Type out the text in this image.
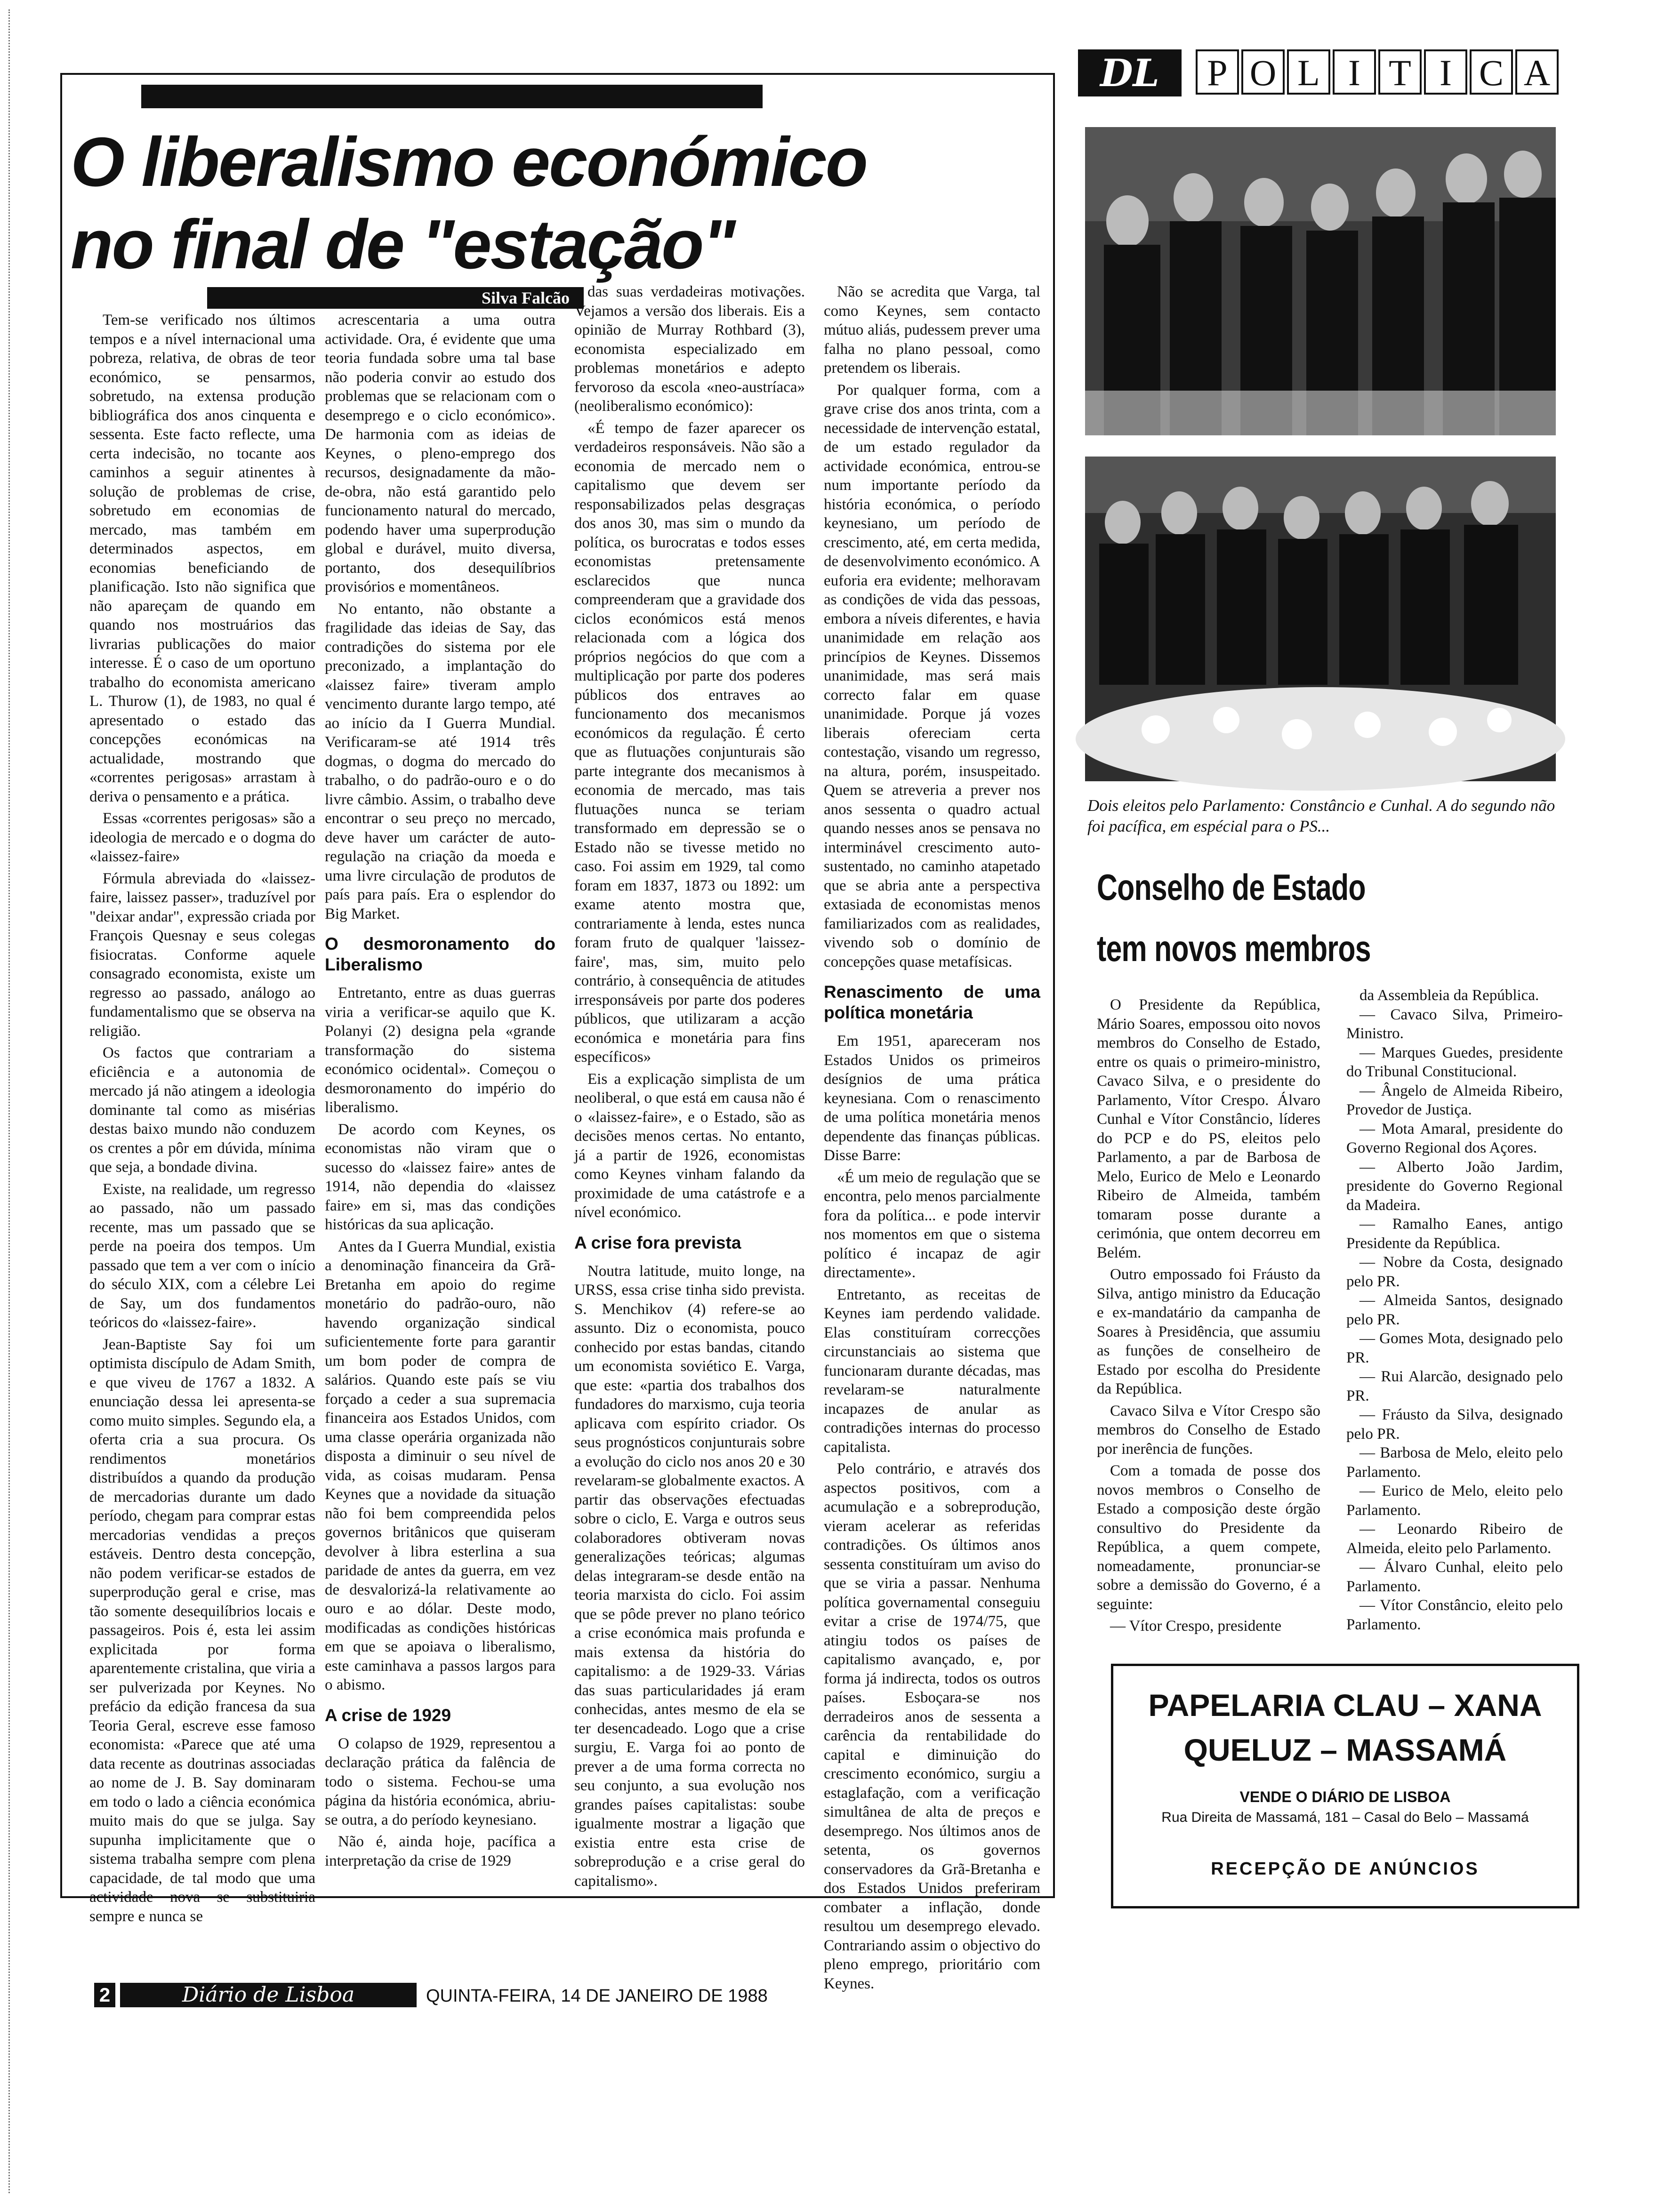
DL	P O L I T I C A
O liberalismo económico
no final de "estação"
Silva Falcão

Tem-se verificado nos últimos tempos e a nível internacional uma pobreza, relativa, de obras de teor económico, se pensarmos, sobretudo, na extensa produção bibliográfica dos anos cinquenta e sessenta. Este facto reflecte, uma certa indecisão, no tocante aos caminhos a seguir atinentes à solução de problemas de crise, sobretudo em economias de mercado, mas também em determinados aspectos, em economias beneficiando de planificação. Isto não significa que não apareçam de quando em quando nos mostruários das livrarias publicações do maior interesse. É o caso de um oportuno trabalho do economista americano L. Thurow (1), de 1983, no qual é apresentado o estado das concepções económicas na actualidade, mostrando que «correntes perigosas» arrastam à deriva o pensamento e a prática.

Essas «correntes perigosas» são a ideologia de mercado e o dogma do «laissez-faire»

Fórmula abreviada do «laissez-faire, laissez passer», traduzível por "deixar andar", expressão criada por François Quesnay e seus colegas fisiocratas. Conforme aquele consagrado economista, existe um regresso ao passado, análogo ao fundamentalismo que se observa na religião.

Os factos que contrariam a eficiência e a autonomia de mercado já não atingem a ideologia dominante tal como as misérias destas baixo mundo não conduzem os crentes a pôr em dúvida, mínima que seja, a bondade divina.

Existe, na realidade, um regresso ao passado, não um passado recente, mas um passado que se perde na poeira dos tempos. Um passado que tem a ver com o início do século XIX, com a célebre Lei de Say, um dos fundamentos teóricos do «laissez-faire».

Jean-Baptiste Say foi um optimista discípulo de Adam Smith, e que viveu de 1767 a 1832. A enunciação dessa lei apresenta-se como muito simples. Segundo ela, a oferta cria a sua procura. Os rendimentos monetários distribuídos a quando da produção de mercadorias durante um dado período, chegam para comprar estas mercadorias vendidas a preços estáveis. Dentro desta concepção, não podem verificar-se estados de superprodução geral e crise, mas tão somente desequilíbrios locais e passageiros. Pois é, esta lei assim explicitada por forma aparentemente cristalina, que viria a ser pulverizada por Keynes. No prefácio da edição francesa da sua Teoria Geral, escreve esse famoso economista: «Parece que até uma data recente as doutrinas associadas ao nome de J. B. Say dominaram em todo o lado a ciência económica muito mais do que se julga. Say supunha implicitamente que o sistema trabalha sempre com plena capacidade, de tal modo que uma actividade nova se substituiria sempre e nunca se

acrescentaria a uma outra actividade. Ora, é evidente que uma teoria fundada sobre uma tal base não poderia convir ao estudo dos problemas que se relacionam com o desemprego e o ciclo económico». De harmonia com as ideias de Keynes, o pleno-emprego dos recursos, designadamente da mão-de-obra, não está garantido pelo funcionamento natural do mercado, podendo haver uma superprodução global e durável, muito diversa, portanto, dos desequilíbrios provisórios e momentâneos.

No entanto, não obstante a fragilidade das ideias de Say, das contradições do sistema por ele preconizado, a implantação do «laissez faire» tiveram amplo vencimento durante largo tempo, até ao início da I Guerra Mundial. Verificaram-se até 1914 três dogmas, o dogma do mercado do trabalho, o do padrão-ouro e o do livre câmbio. Assim, o trabalho deve encontrar o seu preço no mercado, deve haver um carácter de auto-regulação na criação da moeda e uma livre circulação de produtos de país para país. Era o esplendor do Big Market.

O desmoronamento do Liberalismo

Entretanto, entre as duas guerras viria a verificar-se aquilo que K. Polanyi (2) designa pela «grande transformação do sistema económico ocidental». Começou o desmoronamento do império do liberalismo.

De acordo com Keynes, os economistas não viram que o sucesso do «laissez faire» antes de 1914, não dependia do «laissez faire» em si, mas das condições históricas da sua aplicação.

Antes da I Guerra Mundial, existia a denominação financeira da Grã-Bretanha em apoio do regime monetário do padrão-ouro, não havendo organização sindical suficientemente forte para garantir um bom poder de compra de salários. Quando este país se viu forçado a ceder a sua supremacia financeira aos Estados Unidos, com uma classe operária organizada não disposta a diminuir o seu nível de vida, as coisas mudaram. Pensa Keynes que a novidade da situação não foi bem compreendida pelos governos britânicos que quiseram devolver à libra esterlina a sua paridade de antes da guerra, em vez de desvalorizá-la relativamente ao ouro e ao dólar. Deste modo, modificadas as condições históricas em que se apoiava o liberalismo, este caminhava a passos largos para o abismo.

A crise de 1929

O colapso de 1929, representou a declaração prática da falência de todo o sistema. Fechou-se uma página da história económica, abriu-se outra, a do período keynesiano.

Não é, ainda hoje, pacífica a interpretação da crise de 1929

das suas verdadeiras motivações. Vejamos a versão dos liberais. Eis a opinião de Murray Rothbard (3), economista especializado em problemas monetários e adepto fervoroso da escola «neo-austríaca» (neoliberalismo económico):

«É tempo de fazer aparecer os verdadeiros responsáveis. Não são a economia de mercado nem o capitalismo que devem ser responsabilizados pelas desgraças dos anos 30, mas sim o mundo da política, os burocratas e todos esses economistas pretensamente esclarecidos que nunca compreenderam que a gravidade dos ciclos económicos está menos relacionada com a lógica dos próprios negócios do que com a multiplicação por parte dos poderes públicos dos entraves ao funcionamento dos mecanismos económicos da regulação. É certo que as flutuações conjunturais são parte integrante dos mecanismos à economia de mercado, mas tais flutuações nunca se teriam transformado em depressão se o Estado não se tivesse metido no caso. Foi assim em 1929, tal como foram em 1837, 1873 ou 1892: um exame atento mostra que, contrariamente à lenda, estes nunca foram fruto de qualquer 'laissez-faire', mas, sim, muito pelo contrário, à consequência de atitudes irresponsáveis por parte dos poderes públicos, que utilizaram a acção económica e monetária para fins específicos»

Eis a explicação simplista de um neoliberal, o que está em causa não é o «laissez-faire», e o Estado, são as decisões menos certas. No entanto, já a partir de 1926, economistas como Keynes vinham falando da proximidade de uma catástrofe e a nível económico.

A crise fora prevista

Noutra latitude, muito longe, na URSS, essa crise tinha sido prevista. S. Menchikov (4) refere-se ao assunto. Diz o economista, pouco conhecido por estas bandas, citando um economista soviético E. Varga, que este: «partia dos trabalhos dos fundadores do marxismo, cuja teoria aplicava com espírito criador. Os seus prognósticos conjunturais sobre a evolução do ciclo nos anos 20 e 30 revelaram-se globalmente exactos. A partir das observações efectuadas sobre o ciclo, E. Varga e outros seus colaboradores obtiveram novas generalizações teóricas; algumas delas integraram-se desde então na teoria marxista do ciclo. Foi assim que se pôde prever no plano teórico a crise económica mais profunda e mais extensa da história do capitalismo: a de 1929-33. Várias das suas particularidades já eram conhecidas, antes mesmo de ela se ter desencadeado. Logo que a crise surgiu, E. Varga foi ao ponto de prever a de uma forma correcta no seu conjunto, a sua evolução nos grandes países capitalistas: soube igualmente mostrar a ligação que existia entre esta crise de sobreprodução e a crise geral do capitalismo».

Não se acredita que Varga, tal como Keynes, sem contacto mútuo aliás, pudessem prever uma falha no plano pessoal, como pretendem os liberais.

Por qualquer forma, com a grave crise dos anos trinta, com a necessidade de intervenção estatal, de um estado regulador da actividade económica, entrou-se num importante período da história económica, o período keynesiano, um período de crescimento, até, em certa medida, de desenvolvimento económico. A euforia era evidente; melhoravam as condições de vida das pessoas, embora a níveis diferentes, e havia unanimidade em relação aos princípios de Keynes. Dissemos unanimidade, mas será mais correcto falar em quase unanimidade. Porque já vozes liberais ofereciam certa contestação, visando um regresso, na altura, porém, insuspeitado. Quem se atreveria a prever nos anos sessenta o quadro actual quando nesses anos se pensava no interminável crescimento auto-sustentado, no caminho atapetado que se abria ante a perspectiva extasiada de economistas menos familiarizados com as realidades, vivendo sob o domínio de concepções quase metafísicas.

Renascimento de uma política monetária

Em 1951, apareceram nos Estados Unidos os primeiros desígnios de uma prática keynesiana. Com o renascimento de uma política monetária menos dependente das finanças públicas. Disse Barre:

«É um meio de regulação que se encontra, pelo menos parcialmente fora da política... e pode intervir nos momentos em que o sistema político é incapaz de agir directamente».

Entretanto, as receitas de Keynes iam perdendo validade. Elas constituíram correcções circunstanciais ao sistema que funcionaram durante décadas, mas revelaram-se naturalmente incapazes de anular as contradições internas do processo capitalista.

Pelo contrário, e através dos aspectos positivos, com a acumulação e a sobreprodução, vieram acelerar as referidas contradições. Os últimos anos sessenta constituíram um aviso do que se viria a passar. Nenhuma política governamental conseguiu evitar a crise de 1974/75, que atingiu todos os países de capitalismo avançado, e, por forma já indirecta, todos os outros países. Esboçara-se nos derradeiros anos de sessenta a carência da rentabilidade do capital e diminuição do crescimento económico, surgiu a estaglafação, com a verificação simultânea de alta de preços e desemprego. Nos últimos anos de setenta, os governos conservadores da Grã-Bretanha e dos Estados Unidos preferiram combater a inflação, donde resultou um desemprego elevado. Contrariando assim o objectivo do pleno emprego, prioritário com Keynes.

Dois eleitos pelo Parlamento: Constâncio e Cunhal. A do segundo não foi pacífica, em espécial para o PS...
Conselho de Estado
tem novos membros

O Presidente da República, Mário Soares, empossou oito novos membros do Conselho de Estado, entre os quais o primeiro-ministro, Cavaco Silva, e o presidente do Parlamento, Vítor Crespo. Álvaro Cunhal e Vítor Constâncio, líderes do PCP e do PS, eleitos pelo Parlamento, a par de Barbosa de Melo, Eurico de Melo e Leonardo Ribeiro de Almeida, também tomaram posse durante a cerimónia, que ontem decorreu em Belém.

Outro empossado foi Fráusto da Silva, antigo ministro da Educação e ex-mandatário da campanha de Soares à Presidência, que assumiu as funções de conselheiro de Estado por escolha do Presidente da República.

Cavaco Silva e Vítor Crespo são membros do Conselho de Estado por inerência de funções.

Com a tomada de posse dos novos membros o Conselho de Estado a composição deste órgão consultivo do Presidente da República, a quem compete, nomeadamente, pronunciar-se sobre a demissão do Governo, é a seguinte:

— Vítor Crespo, presidente

da Assembleia da República.

— Cavaco Silva, Primeiro-Ministro.

— Marques Guedes, presidente do Tribunal Constitucional.

— Ângelo de Almeida Ribeiro, Provedor de Justiça.

— Mota Amaral, presidente do Governo Regional dos Açores.

— Alberto João Jardim, presidente do Governo Regional da Madeira.

— Ramalho Eanes, antigo Presidente da República.

— Nobre da Costa, designado pelo PR.

— Almeida Santos, designado pelo PR.

— Gomes Mota, designado pelo PR.

— Rui Alarcão, designado pelo PR.

— Fráusto da Silva, designado pelo PR.

— Barbosa de Melo, eleito pelo Parlamento.

— Eurico de Melo, eleito pelo Parlamento.

— Leonardo Ribeiro de Almeida, eleito pelo Parlamento.

— Álvaro Cunhal, eleito pelo Parlamento.

— Vítor Constâncio, eleito pelo Parlamento.

PAPELARIA CLAU – XANA
QUELUZ – MASSAMÁ
VENDE O DIÁRIO DE LISBOA
Rua Direita de Massamá, 181 – Casal do Belo – Massamá
RECEPÇÃO DE ANÚNCIOS
2	Diário de Lisboa	QUINTA-FEIRA, 14 DE JANEIRO DE 1988
